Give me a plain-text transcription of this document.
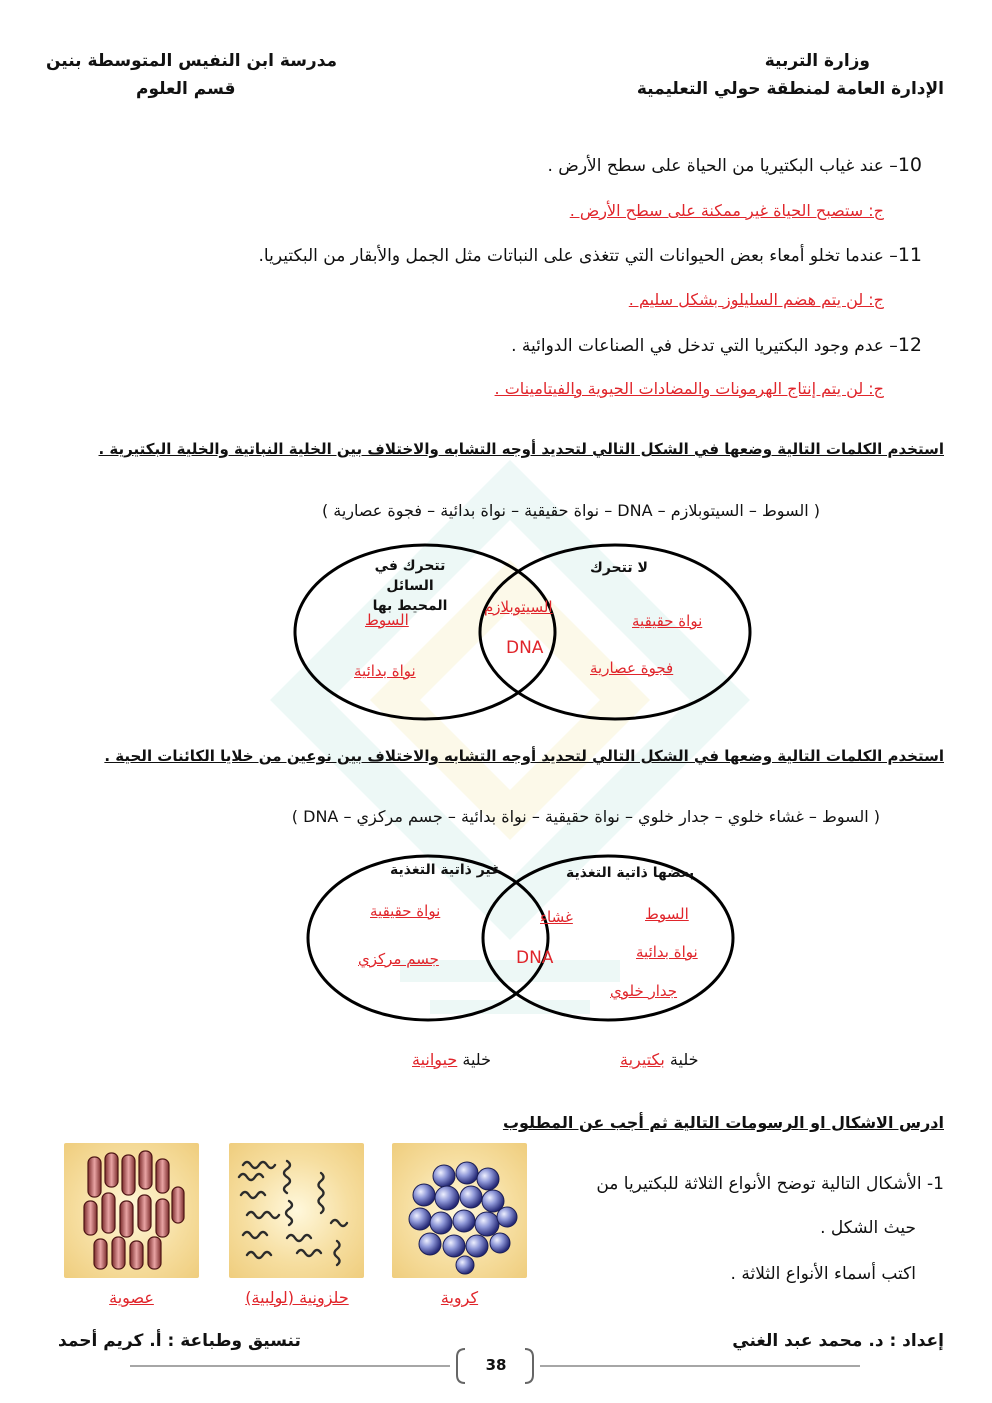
وزارة التربية
الإدارة العامة لمنطقة حولي التعليمية
مدرسة ابن النفيس المتوسطة بنين
قسم العلوم
10– عند غياب البكتيريا من الحياة على سطح الأرض .
ج: ستصبح الحياة غير ممكنة على سطح الأرض .
11– عندما تخلو أمعاء بعض الحيوانات التي تتغذى على النباتات مثل الجمل والأبقار من البكتيريا.
ج: لن يتم هضم السليلوز بشكل سليم .
12– عدم وجود البكتيريا التي تدخل في الصناعات الدوائية .
ج: لن يتم إنتاج الهرمونات والمضادات الحيوية والفيتامينات .
استخدم الكلمات التالية وضعها في الشكل التالي لتحديد أوجه التشابه والاختلاف بين الخلية النباتية والخلية البكتيرية .
( السوط – السيتوبلازم – DNA – نواة حقيقية – نواة بدائية – فجوة عصارية )
تتحرك في السائل
المحيط بها
لا تتحرك
السوط
نواة بدائية
السيتوبلازم
DNA
نواة حقيقية
فجوة عصارية
استخدم الكلمات التالية وضعها في الشكل التالي لتحديد أوجه التشابه والاختلاف بين نوعين من خلايا الكائنات الحية .
( السوط – غشاء خلوي – جدار خلوي – نواة حقيقية – نواة بدائية – جسم مركزي – DNA )
غير ذاتية التغذية	بعضها ذاتية التغذية
نواة حقيقية
جسم مركزي
غشاء
DNA
السوط
نواة بدائية
جدار خلوي
خلية حيوانية	خلية بكتيرية
ادرس الاشكال او الرسومات التالية ثم أجب عن المطلوب
1- الأشكال التالية توضح الأنواع الثلاثة للبكتيريا من
حيث الشكل .
اكتب أسماء الأنواع الثلاثة .
كروية
حلزونية (لولبية)
عصوية
إعداد : د. محمد عبد الغني
تنسيق وطباعة : أ. كريم أحمد
38
